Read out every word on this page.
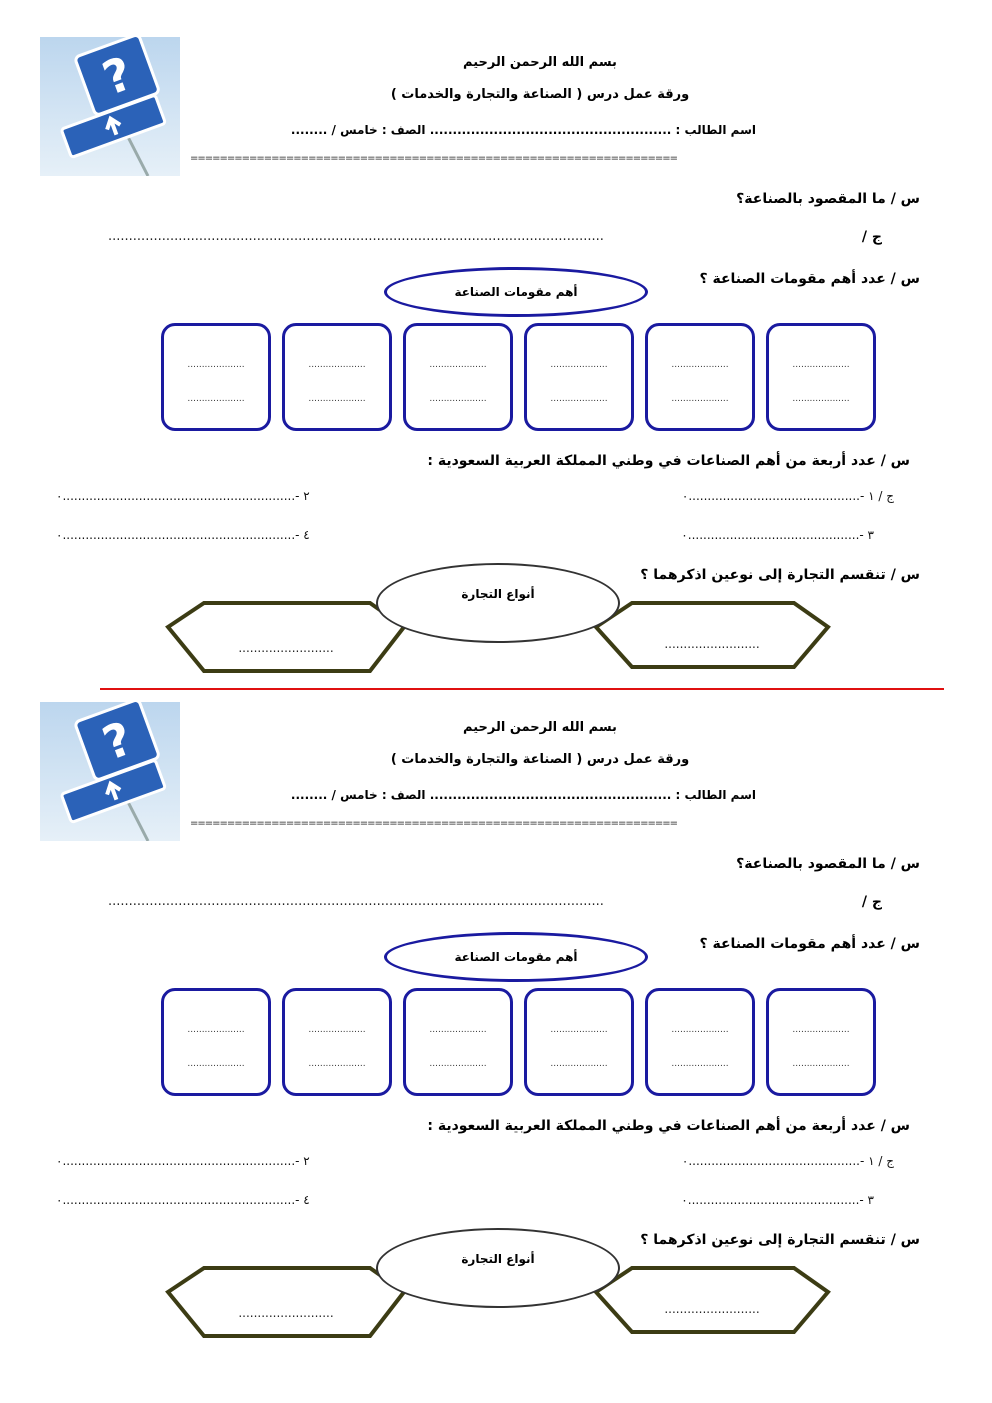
?	بسم الله الرحمن الرحيم
ورقة عمل درس ( الصناعة والتجارة والخدمات )
اسم الطالب : ..................................................... الصف : خامس / ........
==================================================================
س / ما المقصود بالصناعة؟
ج /
........................................................................................................................
س / عدد أهم مقومات الصناعة ؟
أهم مقومات الصناعة
....................
....................
....................
....................
....................
....................
....................
....................
....................
....................
....................
....................
س / عدد أربعة من أهم الصناعات في وطني المملكة العربية السعودية :
ج / ١ -.............................................٠
٢ -.............................................................٠
٣ -.............................................٠
٤ -.............................................................٠
س / تنقسم التجارة إلى نوعين اذكرهما ؟
أنواع التجارة
.........................	.........................
?	بسم الله الرحمن الرحيم
ورقة عمل درس ( الصناعة والتجارة والخدمات )
اسم الطالب : ..................................................... الصف : خامس / ........
==================================================================
س / ما المقصود بالصناعة؟
ج /
........................................................................................................................
س / عدد أهم مقومات الصناعة ؟
أهم مقومات الصناعة
....................
....................
....................
....................
....................
....................
....................
....................
....................
....................
....................
....................
س / عدد أربعة من أهم الصناعات في وطني المملكة العربية السعودية :
ج / ١ -.............................................٠
٢ -.............................................................٠
٣ -.............................................٠
٤ -.............................................................٠
س / تنقسم التجارة إلى نوعين اذكرهما ؟
أنواع التجارة
.........................	.........................
